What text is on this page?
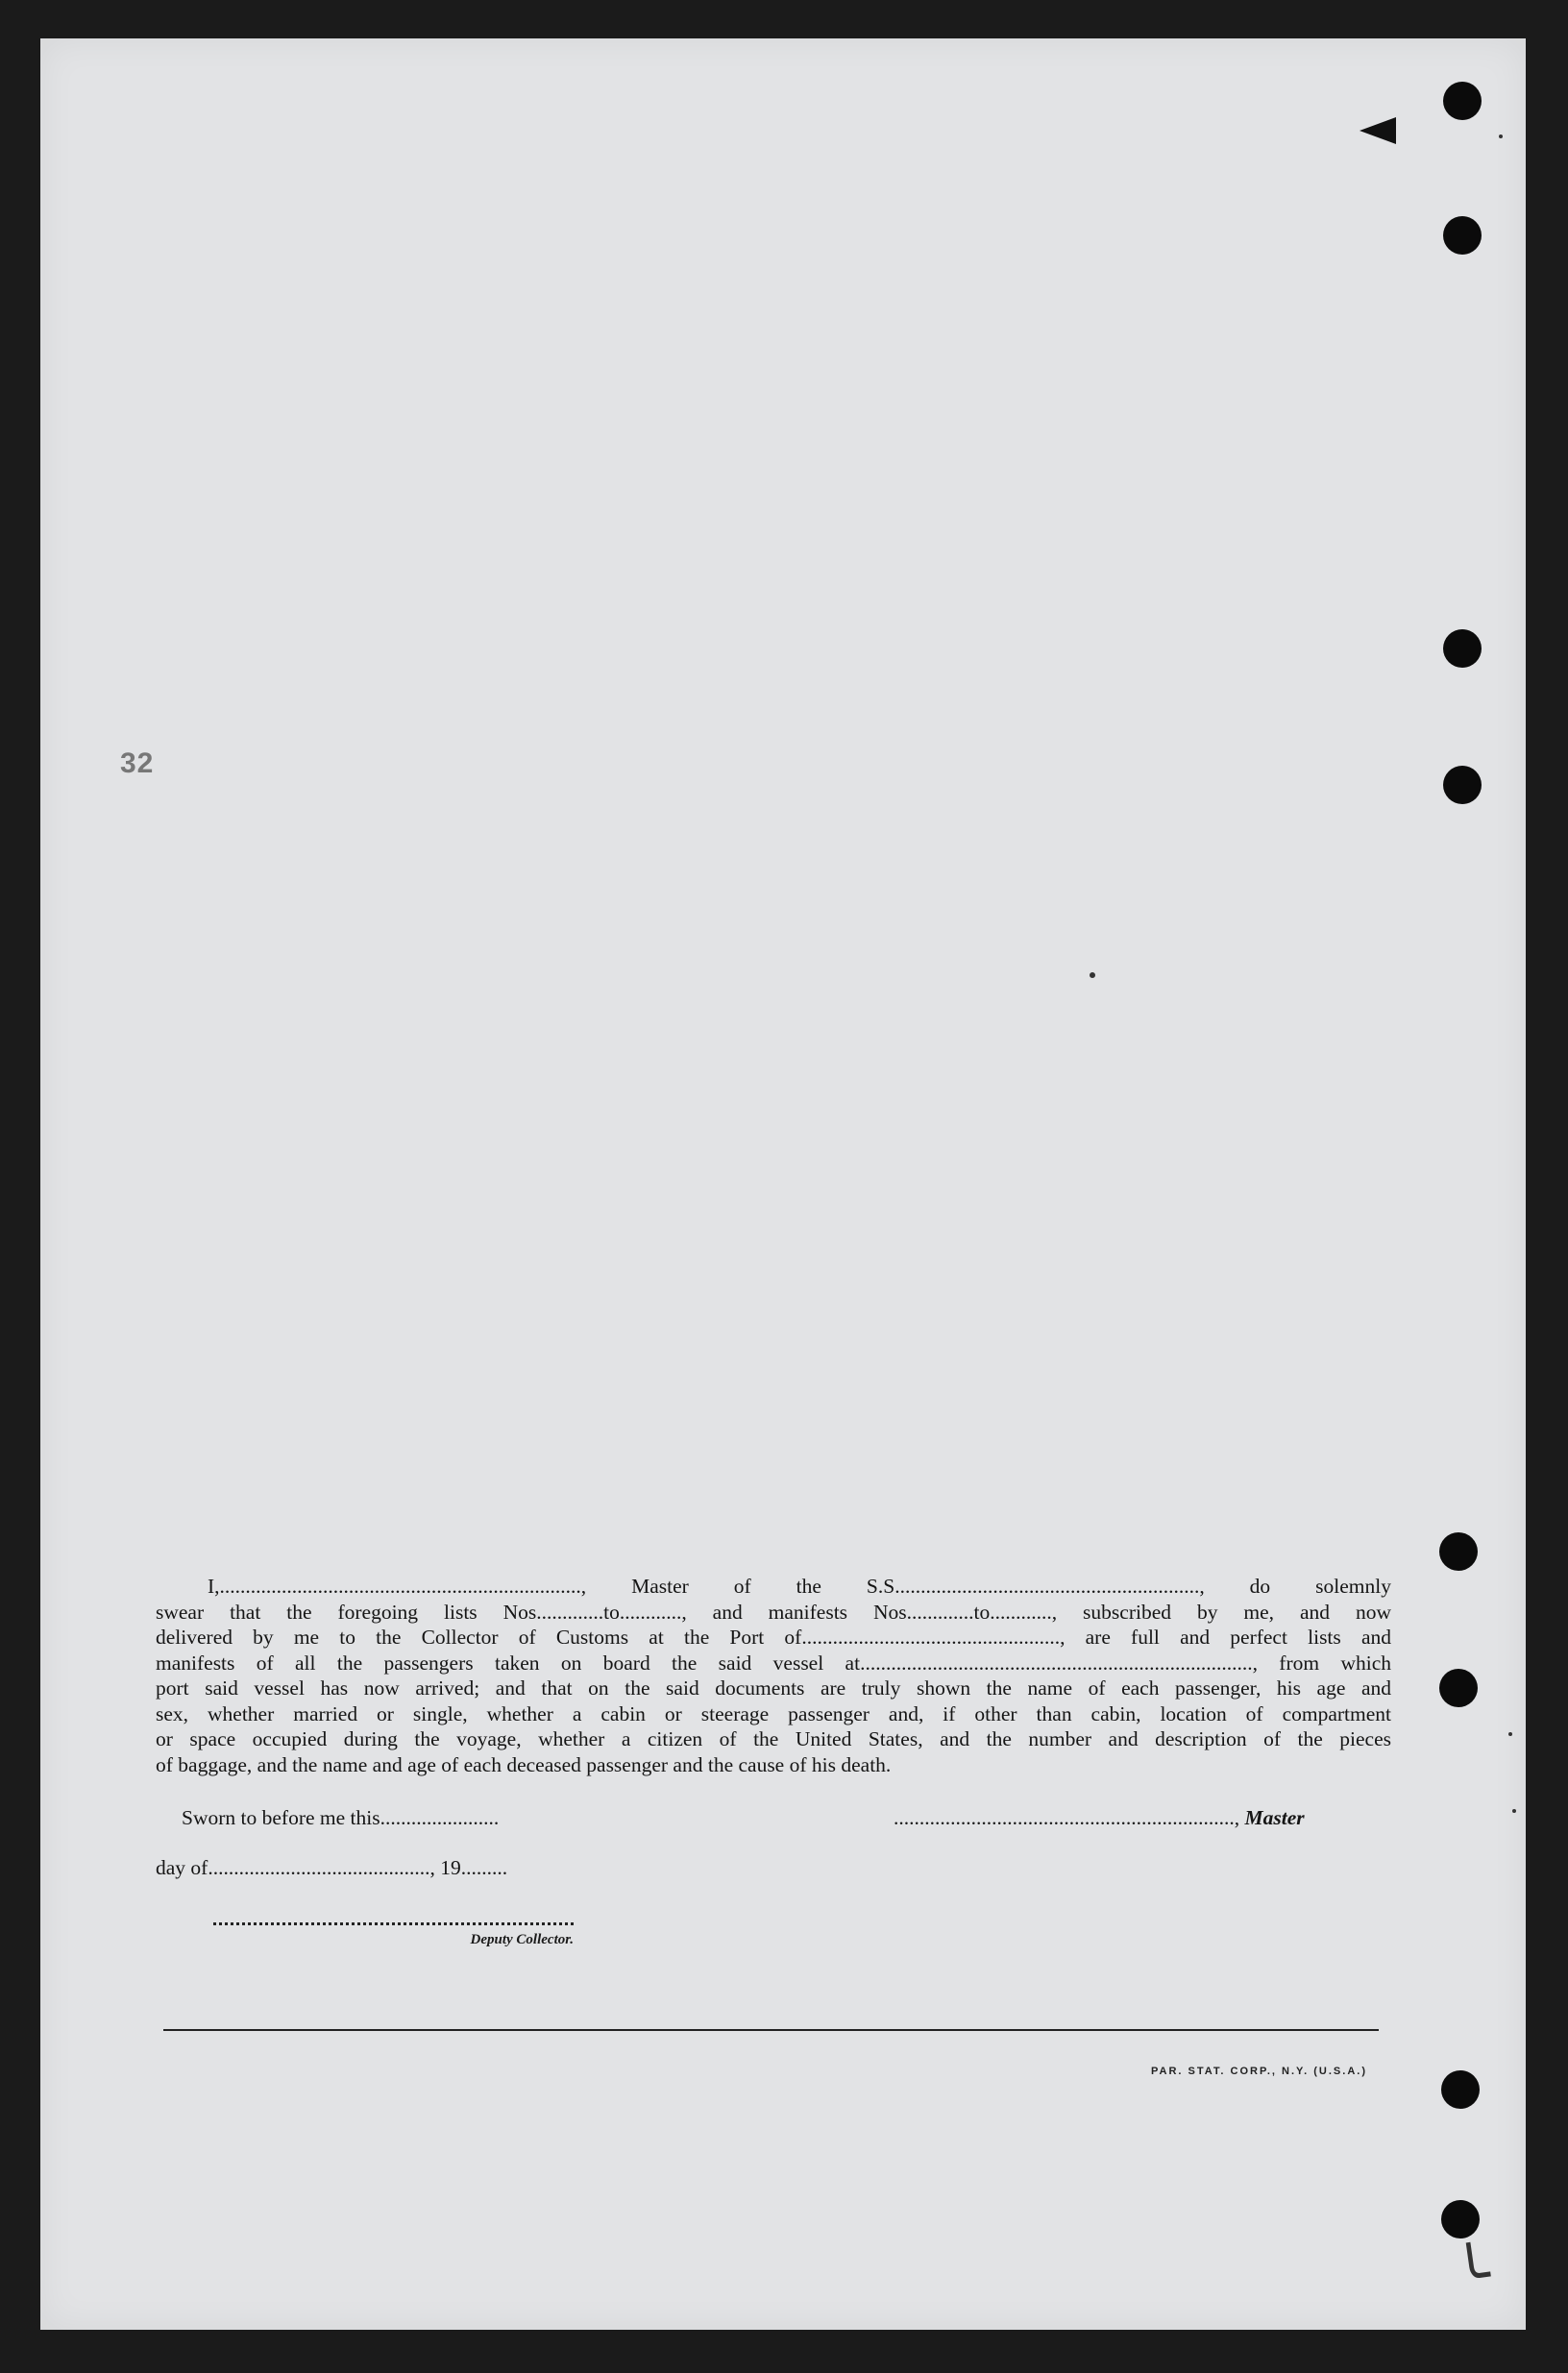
32
I,......................................................................, Master of the S.S..........................................................., do solemnly
swear that the foregoing lists Nos.............to............, and manifests Nos.............to............, subscribed by me, and now
delivered by me to the Collector of Customs at the Port of.................................................., are full and perfect lists and
manifests of all the passengers taken on board the said vessel at............................................................................, from which
port said vessel has now arrived; and that on the said documents are truly shown the name of each passenger, his age and
sex, whether married or single, whether a cabin or steerage passenger and, if other than cabin, location of compartment
or space occupied during the voyage, whether a citizen of the United States, and the number and description of the pieces
of baggage, and the name and age of each deceased passenger and the cause of his death.
Sworn to before me this.......................	.................................................................., Master
day of..........................................., 19.........
Deputy Collector.
PAR. STAT. CORP., N.Y. (U.S.A.)
╰
